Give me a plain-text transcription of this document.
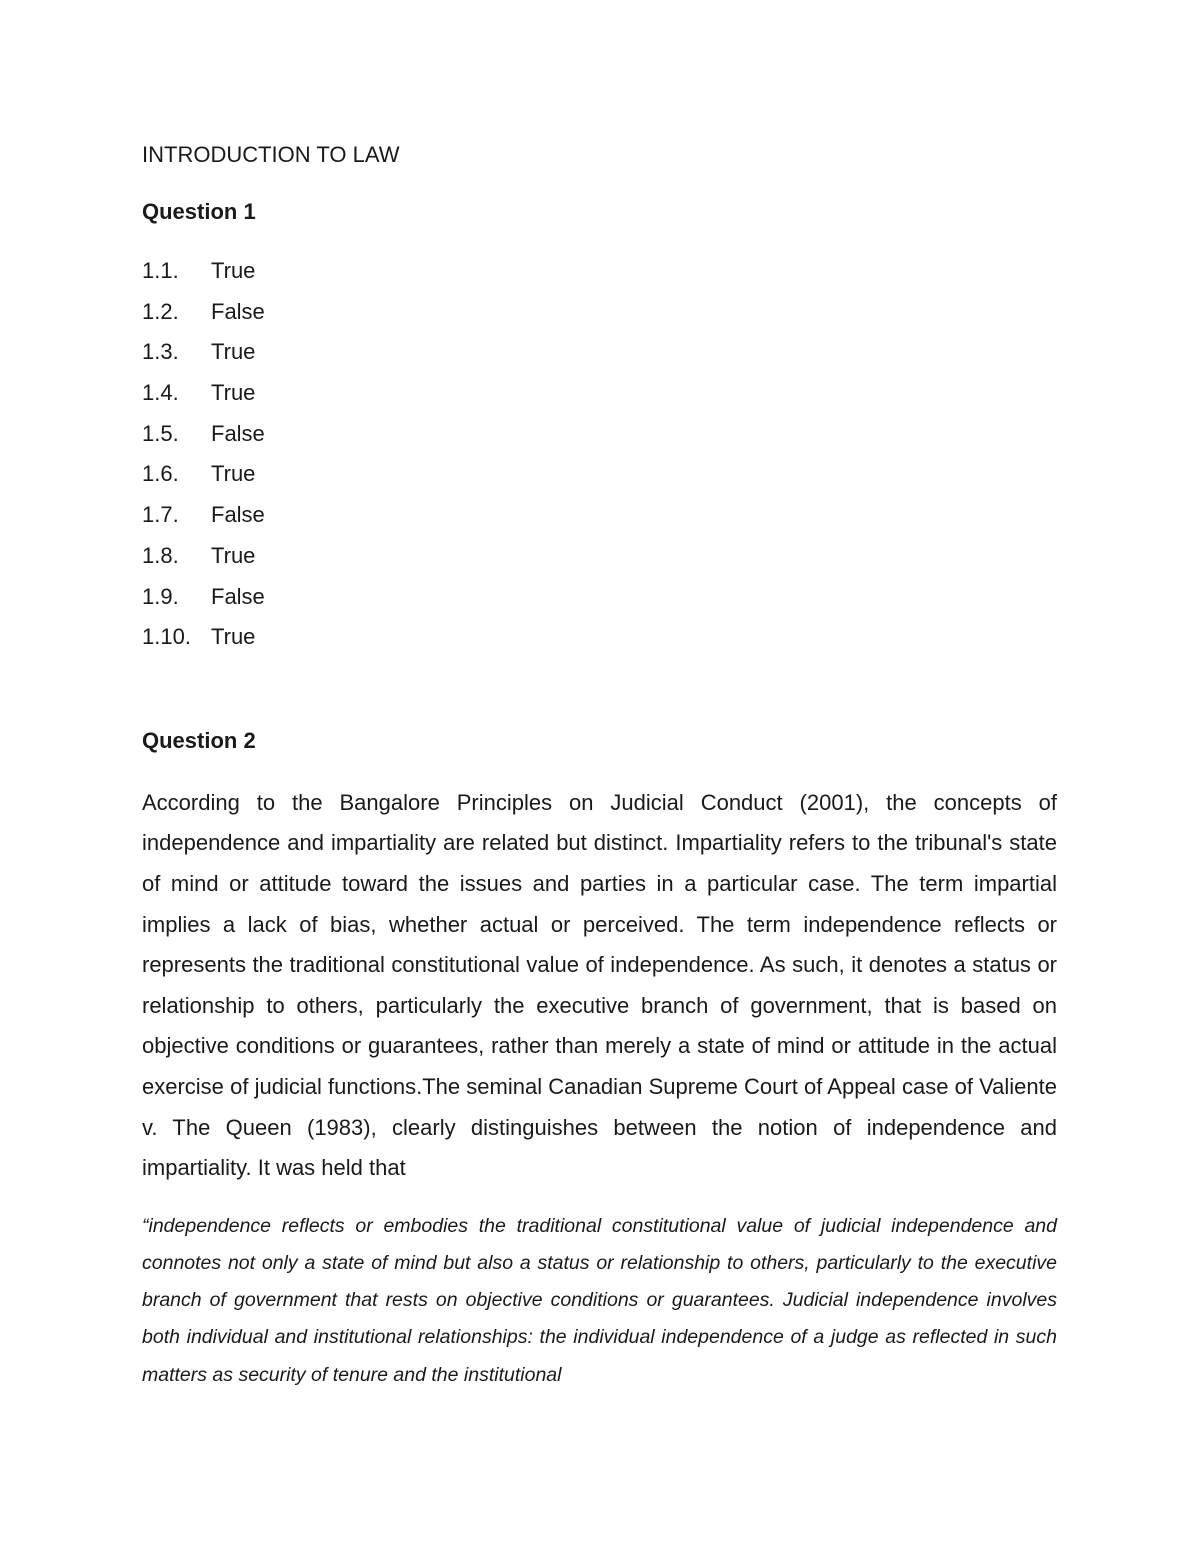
INTRODUCTION TO LAW
Question 1
1.1.	True
1.2.	False
1.3.	True
1.4.	True
1.5.	False
1.6.	True
1.7.	False
1.8.	True
1.9.	False
1.10. True
Question 2

According to the Bangalore Principles on Judicial Conduct (2001), the concepts of independence and impartiality are related but distinct. Impartiality refers to the tribunal's state of mind or attitude toward the issues and parties in a particular case. The term impartial implies a lack of bias, whether actual or perceived. The term independence reflects or represents the traditional constitutional value of independence. As such, it denotes a status or relationship to others, particularly the executive branch of government, that is based on objective conditions or guarantees, rather than merely a state of mind or attitude in the actual exercise of judicial functions.The seminal Canadian Supreme Court of Appeal case of Valiente v. The Queen (1983), clearly distinguishes between the notion of independence and impartiality. It was held that

“independence reflects or embodies the traditional constitutional value of judicial independence and connotes not only a state of mind but also a status or relationship to others, particularly to the executive branch of government that rests on objective conditions or guarantees. Judicial independence involves both individual and institutional relationships: the individual independence of a judge as reflected in such matters as security of tenure and the institutional
